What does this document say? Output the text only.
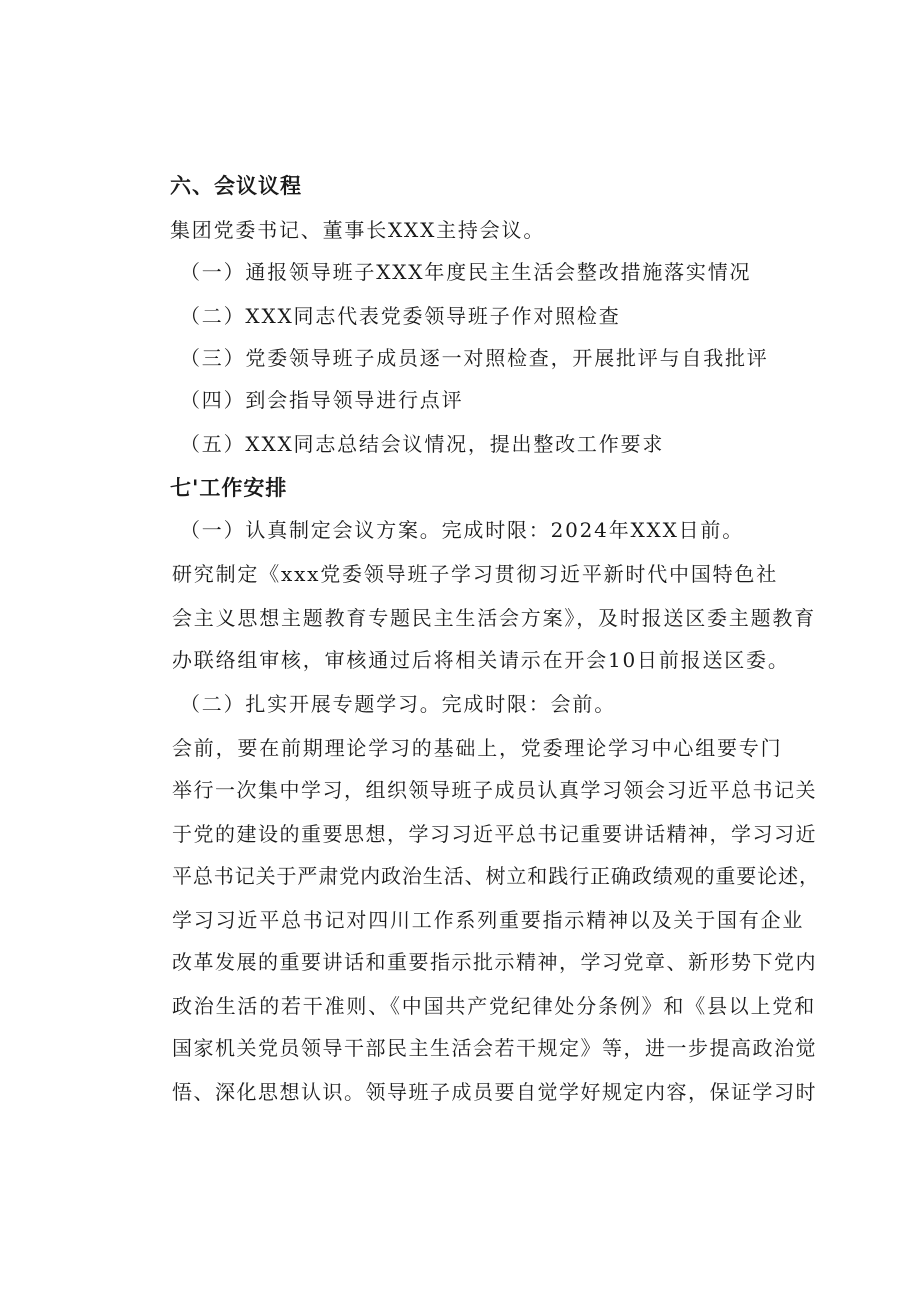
六、会议议程
集团党委书记、董事长XXX主持会议。
（一）通报领导班子XXX年度民主生活会整改措施落实情况
（二）XXX同志代表党委领导班子作对照检查
（三）党委领导班子成员逐一对照检查，开展批评与自我批评
（四）到会指导领导进行点评
（五）XXX同志总结会议情况，提出整改工作要求
七'工作安排
（一）认真制定会议方案。完成时限：2024年XXX日前。
研究制定《xxx党委领导班子学习贯彻习近平新时代中国特色社
会主义思想主题教育专题民主生活会方案》，及时报送区委主题教育
办联络组审核，审核通过后将相关请示在开会10日前报送区委。
（二）扎实开展专题学习。完成时限：会前。
会前，要在前期理论学习的基础上，党委理论学习中心组要专门
举行一次集中学习，组织领导班子成员认真学习领会习近平总书记关
于党的建设的重要思想，学习习近平总书记重要讲话精神，学习习近
平总书记关于严肃党内政治生活、树立和践行正确政绩观的重要论述，
学习习近平总书记对四川工作系列重要指示精神以及关于国有企业
改革发展的重要讲话和重要指示批示精神，学习党章、新形势下党内
政治生活的若干准则、《中国共产党纪律处分条例》和《县以上党和
国家机关党员领导干部民主生活会若干规定》等，进一步提高政治觉
悟、深化思想认识。领导班子成员要自觉学好规定内容，保证学习时
